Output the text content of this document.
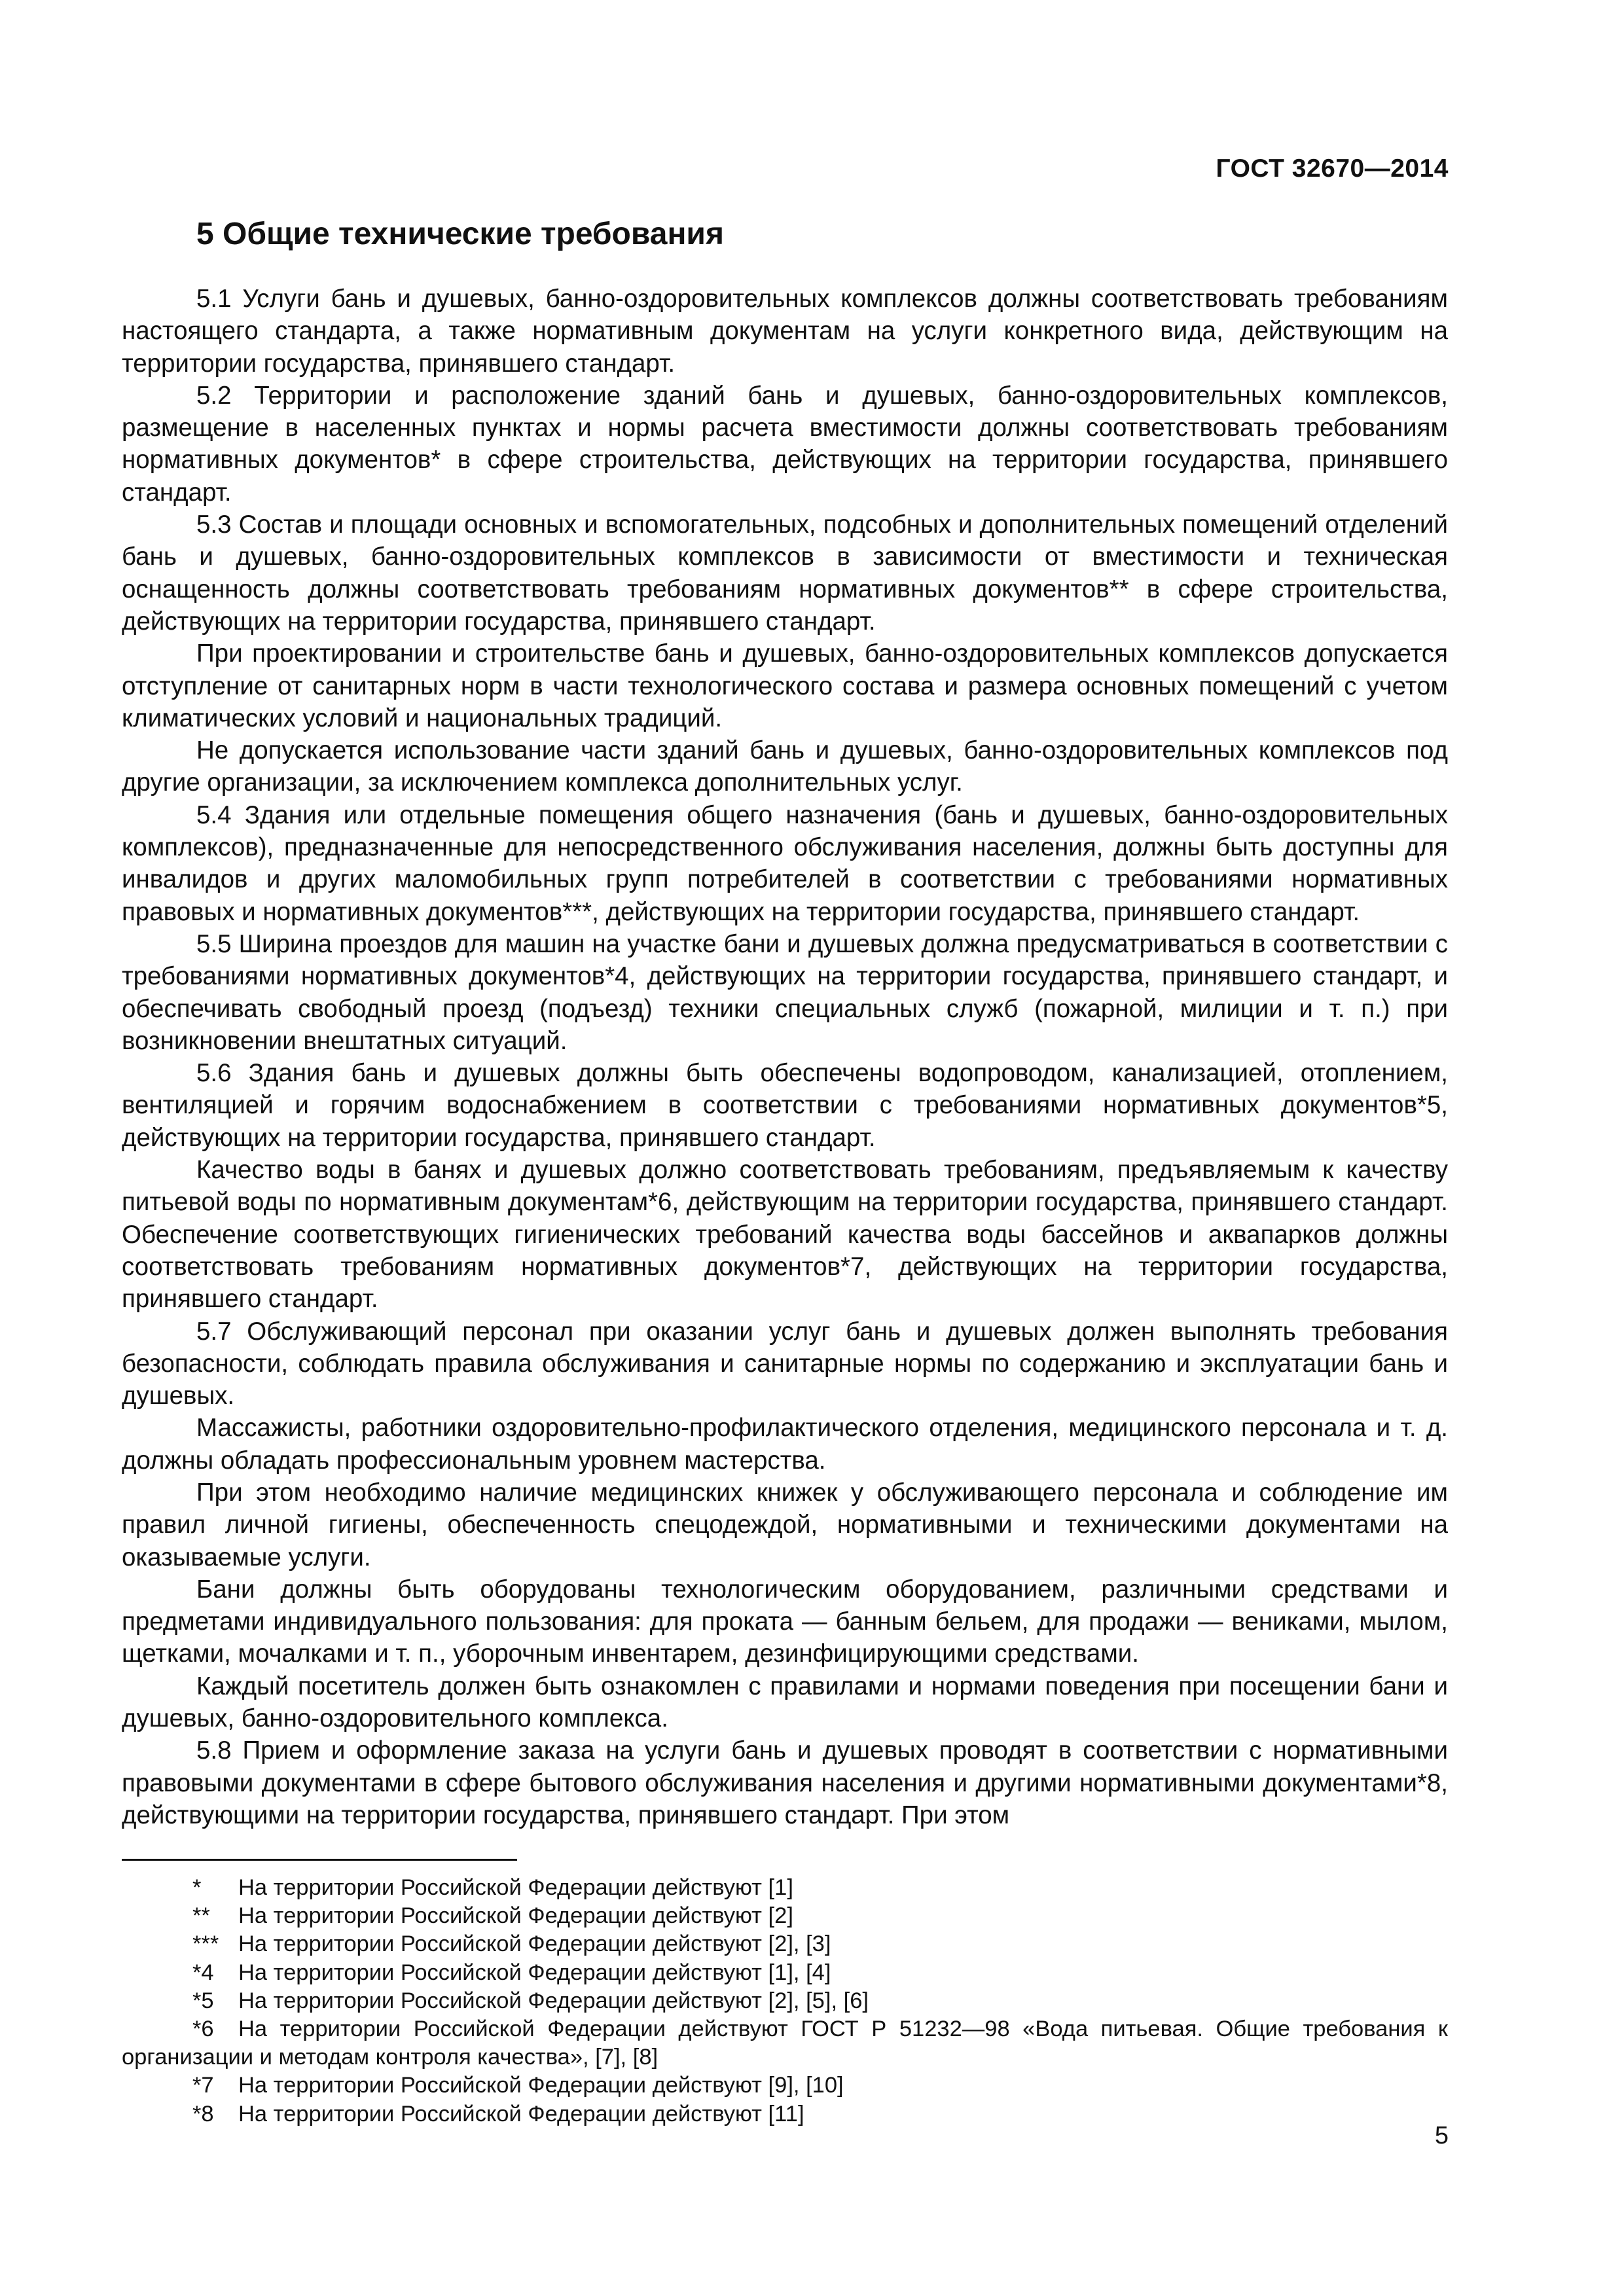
ГОСТ 32670—2014
5 Общие технические требования

5.1 Услуги бань и душевых, банно-оздоровительных комплексов должны соответствовать требованиям настоящего стандарта, а также нормативным документам на услуги конкретного вида, действующим на территории государства, принявшего стандарт.

5.2 Территории и расположение зданий бань и душевых, банно-оздоровительных комплексов, размещение в населенных пунктах и нормы расчета вместимости должны соответствовать требованиям нормативных документов* в сфере строительства, действующих на территории государства, принявшего стандарт.

5.3 Состав и площади основных и вспомогательных, подсобных и дополнительных помещений отделений бань и душевых, банно-оздоровительных комплексов в зависимости от вместимости и техническая оснащенность должны соответствовать требованиям нормативных документов** в сфере строительства, действующих на территории государства, принявшего стандарт.

При проектировании и строительстве бань и душевых, банно-оздоровительных комплексов допускается отступление от санитарных норм в части технологического состава и размера основных помещений с учетом климатических условий и национальных традиций.

Не допускается использование части зданий бань и душевых, банно-оздоровительных комплексов под другие организации, за исключением комплекса дополнительных услуг.

5.4 Здания или отдельные помещения общего назначения (бань и душевых, банно-оздоровительных комплексов), предназначенные для непосредственного обслуживания населения, должны быть доступны для инвалидов и других маломобильных групп потребителей в соответствии с требованиями нормативных правовых и нормативных документов***, действующих на территории государства, принявшего стандарт.

5.5 Ширина проездов для машин на участке бани и душевых должна предусматриваться в соответствии с требованиями нормативных документов*4, действующих на территории государства, принявшего стандарт, и обеспечивать свободный проезд (подъезд) техники специальных служб (пожарной, милиции и т. п.) при возникновении внештатных ситуаций.

5.6 Здания бань и душевых должны быть обеспечены водопроводом, канализацией, отоплением, вентиляцией и горячим водоснабжением в соответствии с требованиями нормативных документов*5, действующих на территории государства, принявшего стандарт.

Качество воды в банях и душевых должно соответствовать требованиям, предъявляемым к качеству питьевой воды по нормативным документам*6, действующим на территории государства, принявшего стандарт. Обеспечение соответствующих гигиенических требований качества воды бассейнов и аквапарков должны соответствовать требованиям нормативных документов*7, действующих на территории государства, принявшего стандарт.

5.7 Обслуживающий персонал при оказании услуг бань и душевых должен выполнять требования безопасности, соблюдать правила обслуживания и санитарные нормы по содержанию и эксплуатации бань и душевых.

Массажисты, работники оздоровительно-профилактического отделения, медицинского персонала и т. д. должны обладать профессиональным уровнем мастерства.

При этом необходимо наличие медицинских книжек у обслуживающего персонала и соблюдение им правил личной гигиены, обеспеченность спецодеждой, нормативными и техническими документами на оказываемые услуги.

Бани должны быть оборудованы технологическим оборудованием, различными средствами и предметами индивидуального пользования: для проката — банным бельем, для продажи — вениками, мылом, щетками, мочалками и т. п., уборочным инвентарем, дезинфицирующими средствами.

Каждый посетитель должен быть ознакомлен с правилами и нормами поведения при посещении бани и душевых, банно-оздоровительного комплекса.

5.8 Прием и оформление заказа на услуги бань и душевых проводят в соответствии с нормативными правовыми документами в сфере бытового обслуживания населения и другими нормативными документами*8, действующими на территории государства, принявшего стандарт. При этом

* На территории Российской Федерации действуют [1]

** На территории Российской Федерации действуют [2]

*** На территории Российской Федерации действуют [2], [3]

*4 На территории Российской Федерации действуют [1], [4]

*5 На территории Российской Федерации действуют [2], [5], [6]

*6 На территории Российской Федерации действуют ГОСТ Р 51232—98 «Вода питьевая. Общие требования к организации и методам контроля качества», [7], [8]

*7 На территории Российской Федерации действуют [9], [10]

*8 На территории Российской Федерации действуют [11]

5
